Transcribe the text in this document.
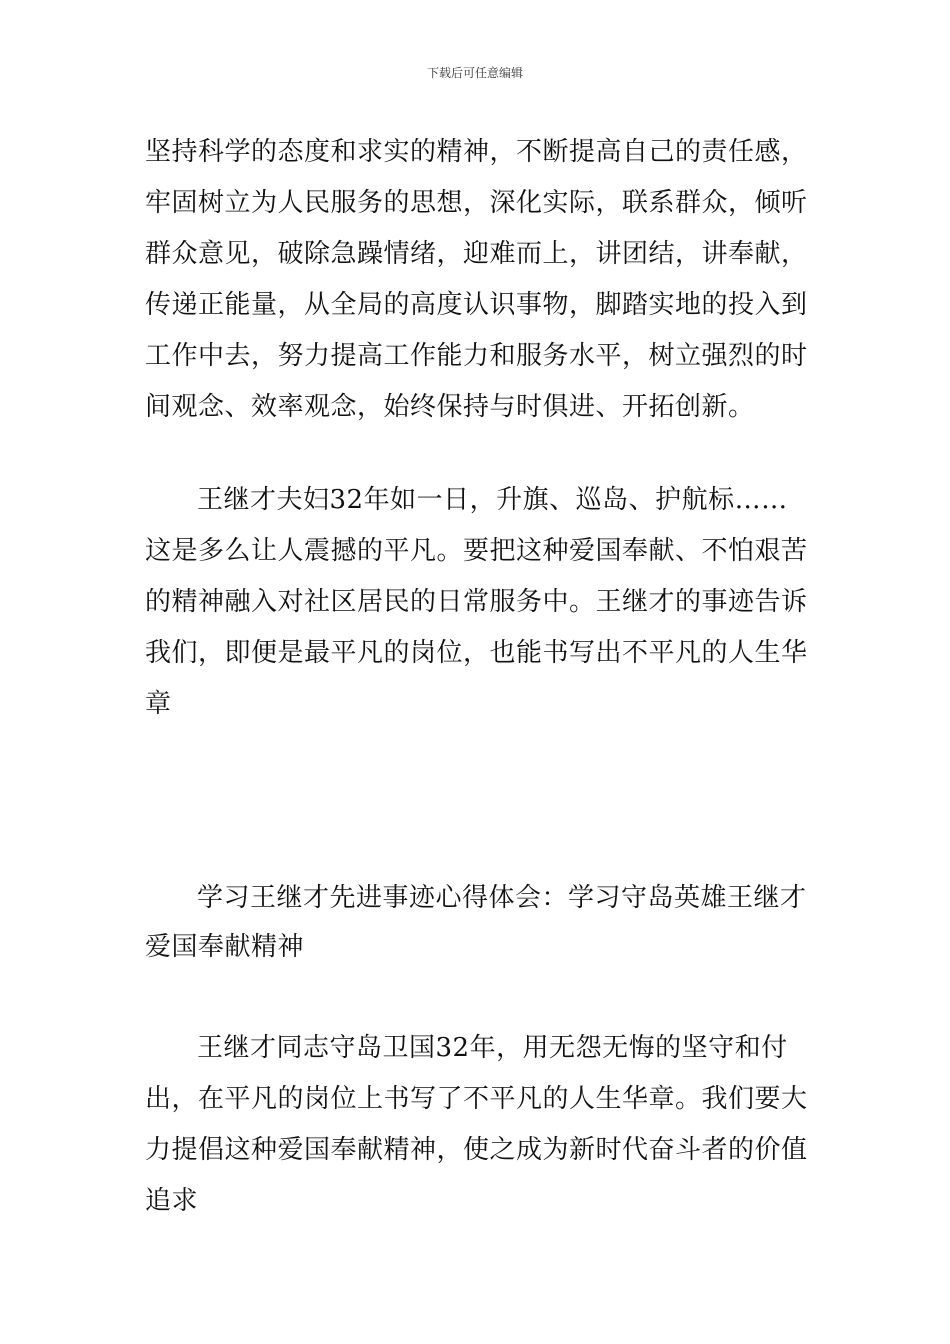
下载后可任意编辑

坚持科学的态度和求实的精神，不断提高自己的责任感，牢固树立为人民服务的思想，深化实际，联系群众，倾听群众意见，破除急躁情绪，迎难而上，讲团结，讲奉献，传递正能量，从全局的高度认识事物，脚踏实地的投入到工作中去，努力提高工作能力和服务水平，树立强烈的时间观念、效率观念，始终保持与时俱进、开拓创新。

王继才夫妇32年如一日，升旗、巡岛、护航标……这是多么让人震撼的平凡。要把这种爱国奉献、不怕艰苦的精神融入对社区居民的日常服务中。王继才的事迹告诉我们，即便是最平凡的岗位，也能书写出不平凡的人生华章

学习王继才先进事迹心得体会：学习守岛英雄王继才爱国奉献精神

王继才同志守岛卫国32年，用无怨无悔的坚守和付出，在平凡的岗位上书写了不平凡的人生华章。我们要大力提倡这种爱国奉献精神，使之成为新时代奋斗者的价值追求
